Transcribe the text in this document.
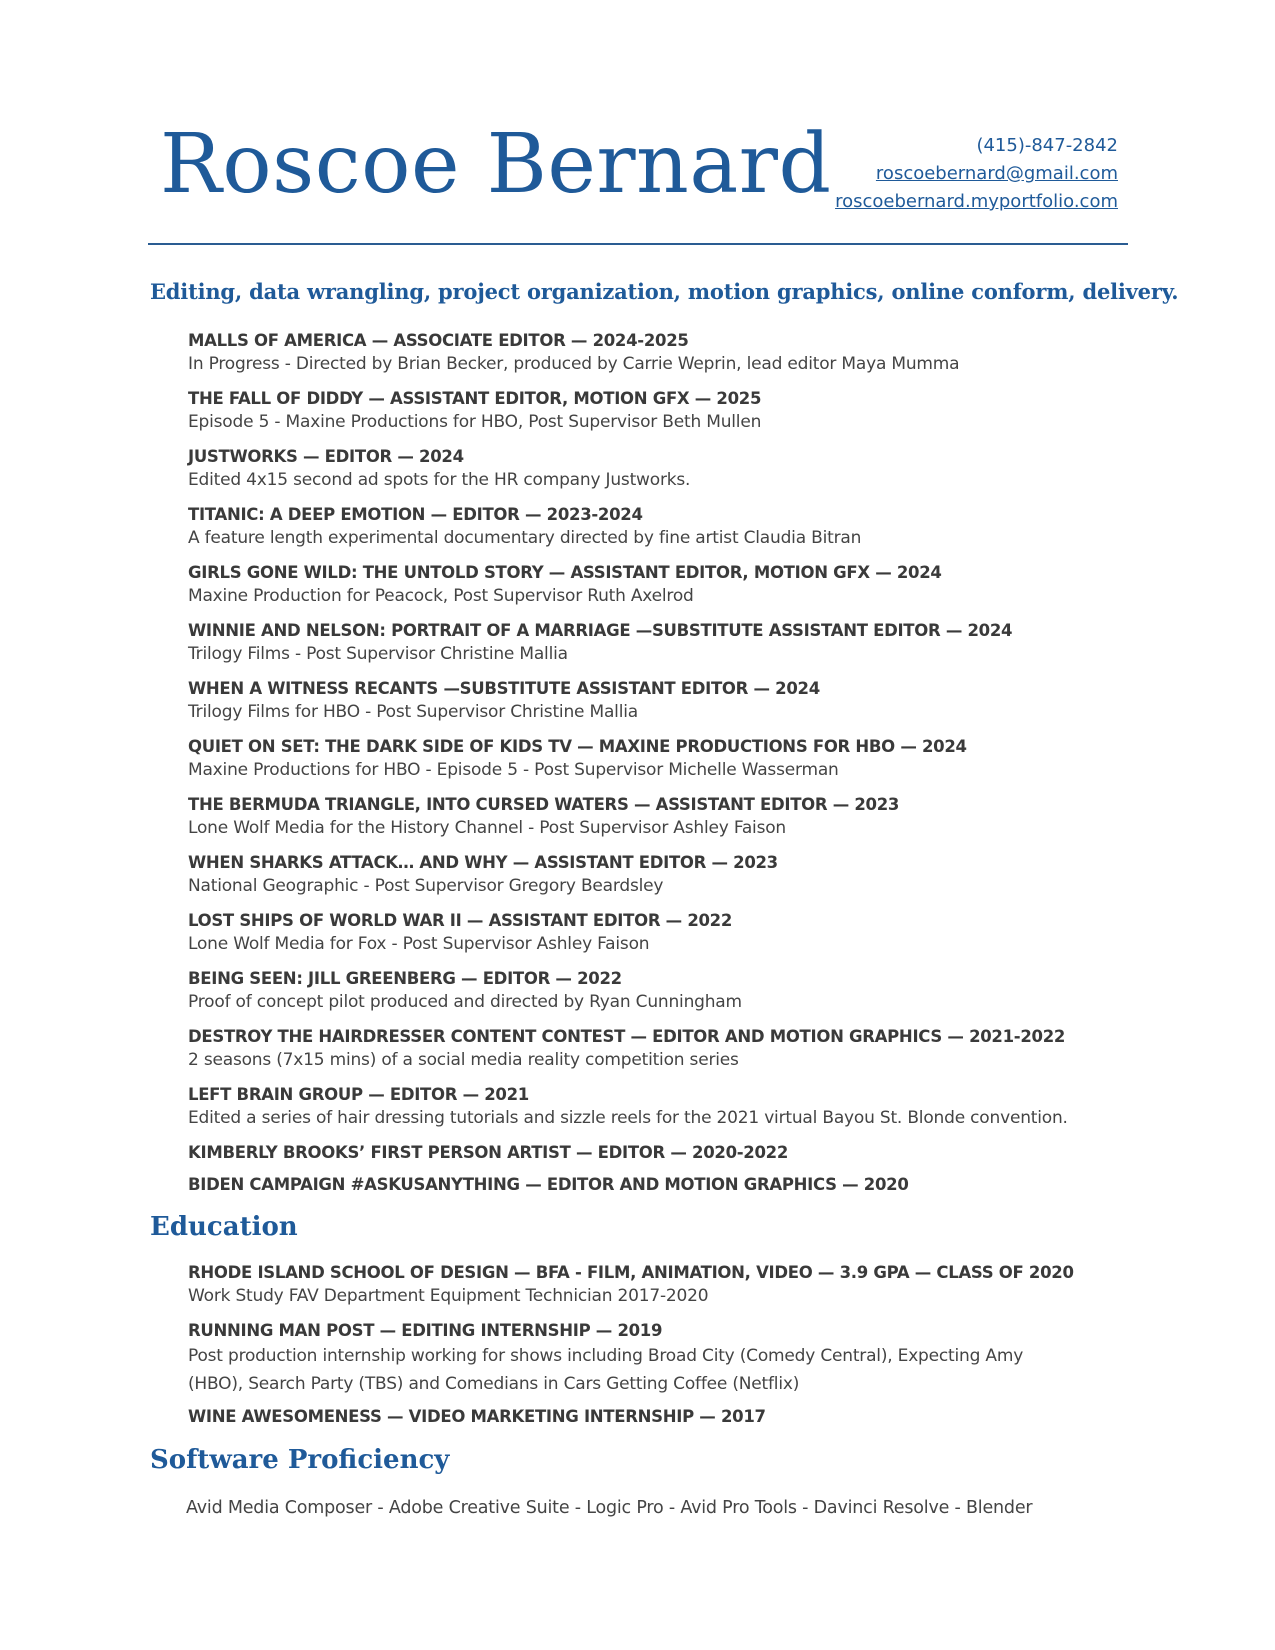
Roscoe Bernard	(415)-847-2842
roscoebernard@gmail.com
roscoebernard.myportfolio.com
Editing, data wrangling, project organization, motion graphics, online conform, delivery.
MALLS OF AMERICA — ASSOCIATE EDITOR — 2024-2025
In Progress - Directed by Brian Becker, produced by Carrie Weprin, lead editor Maya Mumma
THE FALL OF DIDDY — ASSISTANT EDITOR, MOTION GFX — 2025
Episode 5 - Maxine Productions for HBO, Post Supervisor Beth Mullen
JUSTWORKS — EDITOR — 2024
Edited 4x15 second ad spots for the HR company Justworks.
TITANIC: A DEEP EMOTION — EDITOR — 2023-2024
A feature length experimental documentary directed by fine artist Claudia Bitran
GIRLS GONE WILD: THE UNTOLD STORY — ASSISTANT EDITOR, MOTION GFX — 2024
Maxine Production for Peacock, Post Supervisor Ruth Axelrod
WINNIE AND NELSON: PORTRAIT OF A MARRIAGE —SUBSTITUTE ASSISTANT EDITOR — 2024
Trilogy Films - Post Supervisor Christine Mallia
WHEN A WITNESS RECANTS —SUBSTITUTE ASSISTANT EDITOR — 2024
Trilogy Films for HBO - Post Supervisor Christine Mallia
QUIET ON SET: THE DARK SIDE OF KIDS TV — MAXINE PRODUCTIONS FOR HBO — 2024
Maxine Productions for HBO - Episode 5 - Post Supervisor Michelle Wasserman
THE BERMUDA TRIANGLE, INTO CURSED WATERS — ASSISTANT EDITOR — 2023
Lone Wolf Media for the History Channel - Post Supervisor Ashley Faison
WHEN SHARKS ATTACK… AND WHY — ASSISTANT EDITOR — 2023
National Geographic - Post Supervisor Gregory Beardsley
LOST SHIPS OF WORLD WAR II — ASSISTANT EDITOR — 2022
Lone Wolf Media for Fox - Post Supervisor Ashley Faison
BEING SEEN: JILL GREENBERG — EDITOR — 2022
Proof of concept pilot produced and directed by Ryan Cunningham
DESTROY THE HAIRDRESSER CONTENT CONTEST — EDITOR AND MOTION GRAPHICS — 2021-2022
2 seasons (7x15 mins) of a social media reality competition series
LEFT BRAIN GROUP — EDITOR — 2021
Edited a series of hair dressing tutorials and sizzle reels for the 2021 virtual Bayou St. Blonde convention.
KIMBERLY BROOKS’ FIRST PERSON ARTIST — EDITOR — 2020-2022
BIDEN CAMPAIGN #ASKUSANYTHING — EDITOR AND MOTION GRAPHICS — 2020
Education
RHODE ISLAND SCHOOL OF DESIGN — BFA - FILM, ANIMATION, VIDEO — 3.9 GPA — CLASS OF 2020
Work Study FAV Department Equipment Technician 2017-2020
RUNNING MAN POST — EDITING INTERNSHIP — 2019
Post production internship working for shows including Broad City (Comedy Central), Expecting Amy (HBO), Search Party (TBS) and Comedians in Cars Getting Coffee (Netflix)
WINE AWESOMENESS — VIDEO MARKETING INTERNSHIP — 2017
Software Proficiency
Avid Media Composer - Adobe Creative Suite - Logic Pro - Avid Pro Tools - Davinci Resolve - Blender
